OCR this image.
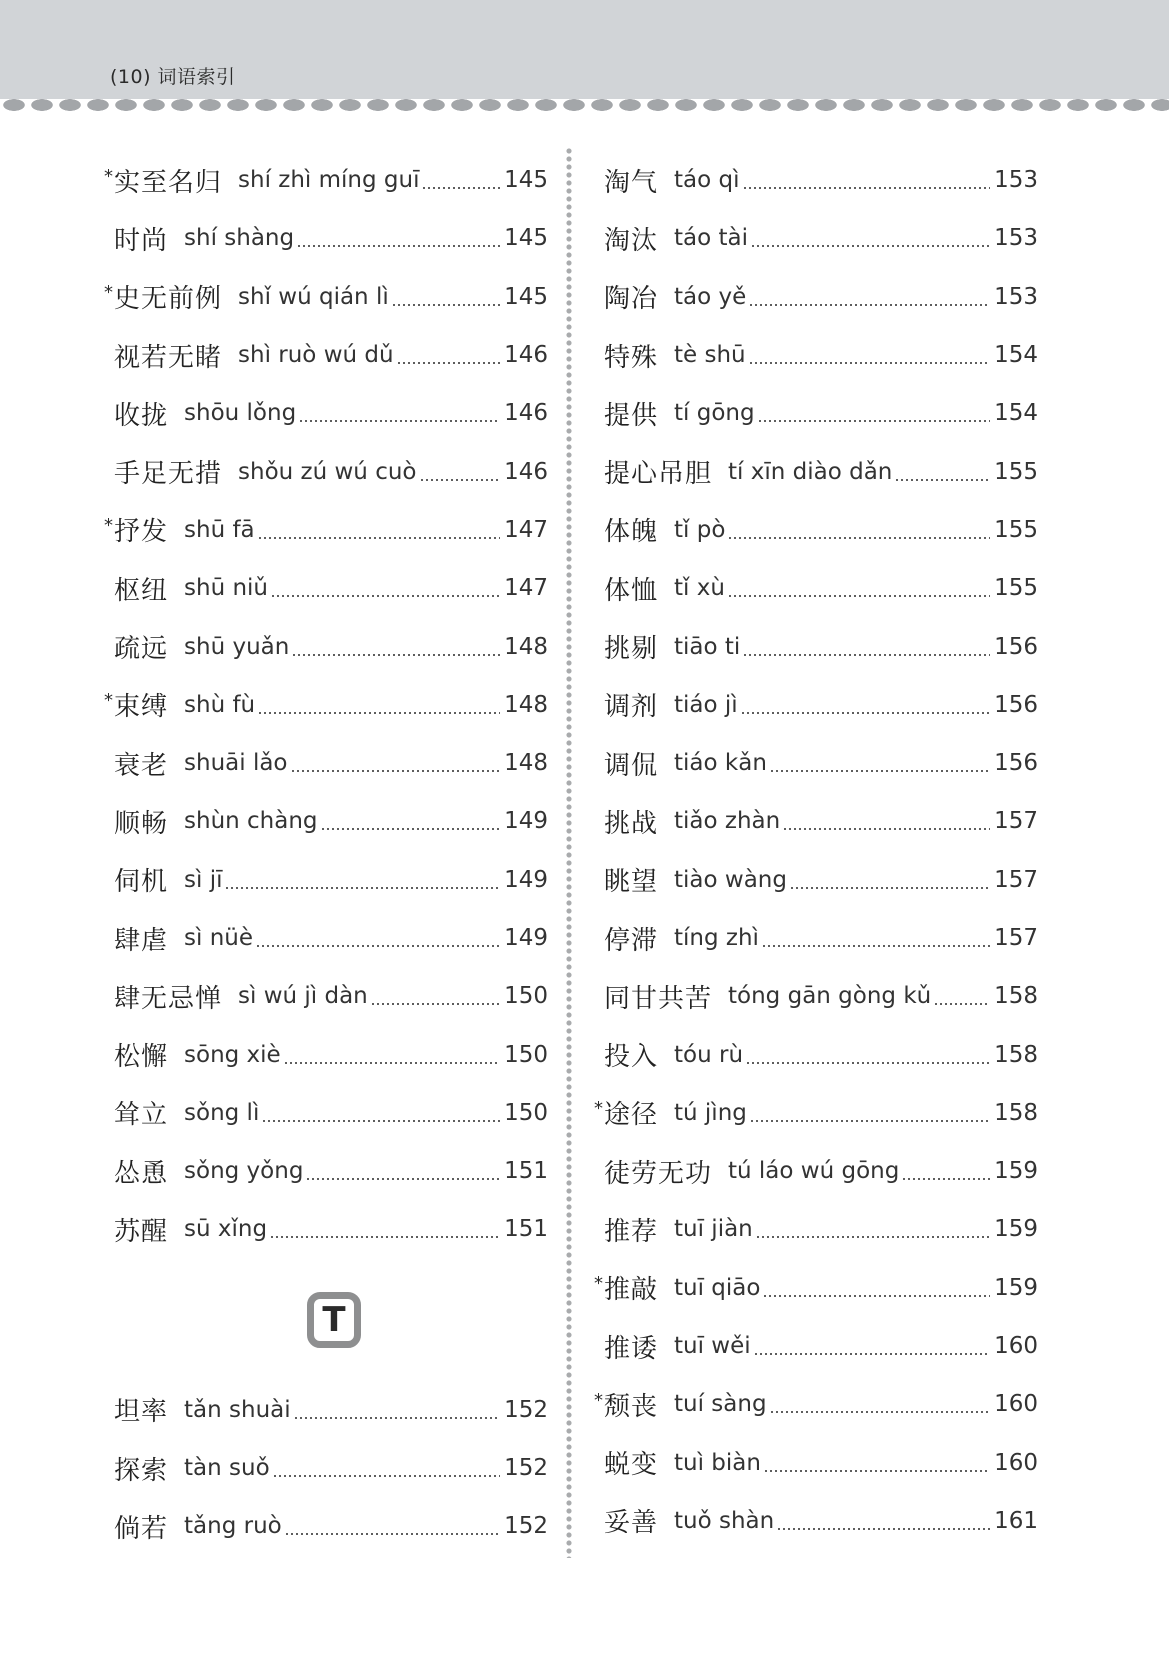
(10) 词语索引
* 实至名归 shí zhì míng guī	145
时尚 shí shàng	145
* 史无前例 shǐ wú qián lì	145
视若无睹 shì ruò wú dǔ	146
收拢 shōu lǒng	146
手足无措 shǒu zú wú cuò	146
* 抒发 shū fā	147
枢纽 shū niǔ	147
疏远 shū yuǎn	148
* 束缚 shù fù	148
衰老 shuāi lǎo	148
顺畅 shùn chàng	149
伺机 sì jī	149
肆虐 sì nüè	149
肆无忌惮 sì wú jì dàn	150
松懈 sōng xiè	150
耸立 sǒng lì	150
怂恿 sǒng yǒng	151
苏醒 sū xǐng	151
T
坦率 tǎn shuài	152
探索 tàn suǒ	152
倘若 tǎng ruò	152
淘气 táo qì	153
淘汰 táo tài	153
陶冶 táo yě	153
特殊 tè shū	154
提供 tí gōng	154
提心吊胆 tí xīn diào dǎn	155
体魄 tǐ pò	155
体恤 tǐ xù	155
挑剔 tiāo ti	156
调剂 tiáo jì	156
调侃 tiáo kǎn	156
挑战 tiǎo zhàn	157
眺望 tiào wàng	157
停滞 tíng zhì	157
同甘共苦 tóng gān gòng kǔ	158
投入 tóu rù	158
* 途径 tú jìng	158
徒劳无功 tú láo wú gōng	159
推荐 tuī jiàn	159
* 推敲 tuī qiāo	159
推诿 tuī wěi	160
* 颓丧 tuí sàng	160
蜕变 tuì biàn	160
妥善 tuǒ shàn	161
